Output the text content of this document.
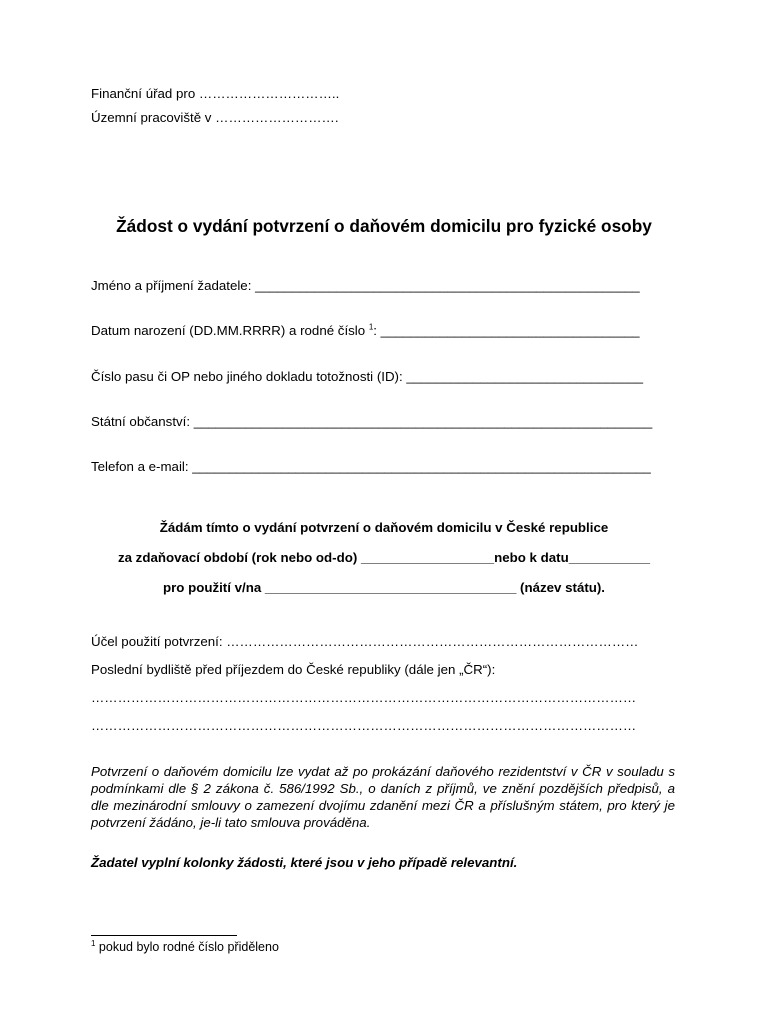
Finanční úřad pro …………………………..
Územní pracoviště v ……………………….
Žádost o vydání potvrzení o daňovém domicilu pro fyzické osoby
Jméno a příjmení žadatele: ____________________________________________________
Datum narození (DD.MM.RRRR) a rodné číslo $^1$: ___________________________________
Číslo pasu či OP nebo jiného dokladu totožnosti (ID): ________________________________
Státní občanství: ______________________________________________________________
Telefon a e-mail: ______________________________________________________________
Žádám tímto o vydání potvrzení o daňovém domicilu v České republice
za zdaňovací období (rok nebo od-do) __________________nebo k datu___________
pro použití v/na __________________________________ (název státu).
Účel použití potvrzení: …………………………………………………………………………………
Poslední bydliště před příjezdem do České republiky (dále jen „ČR“):
……………………………………………………………………………………………………………
……………………………………………………………………………………………………………
Potvrzení o daňovém domicilu lze vydat až po prokázání daňového rezidentství v ČR v souladu s podmínkami dle § 2 zákona č. 586/1992 Sb., o daních z příjmů, ve znění pozdějších předpisů, a dle mezinárodní smlouvy o zamezení dvojímu zdanění mezi ČR a příslušným státem, pro který je potvrzení žádáno, je-li tato smlouva prováděna.
Žadatel vyplní kolonky žádosti, které jsou v jeho případě relevantní.
$^1$ pokud bylo rodné číslo přiděleno
